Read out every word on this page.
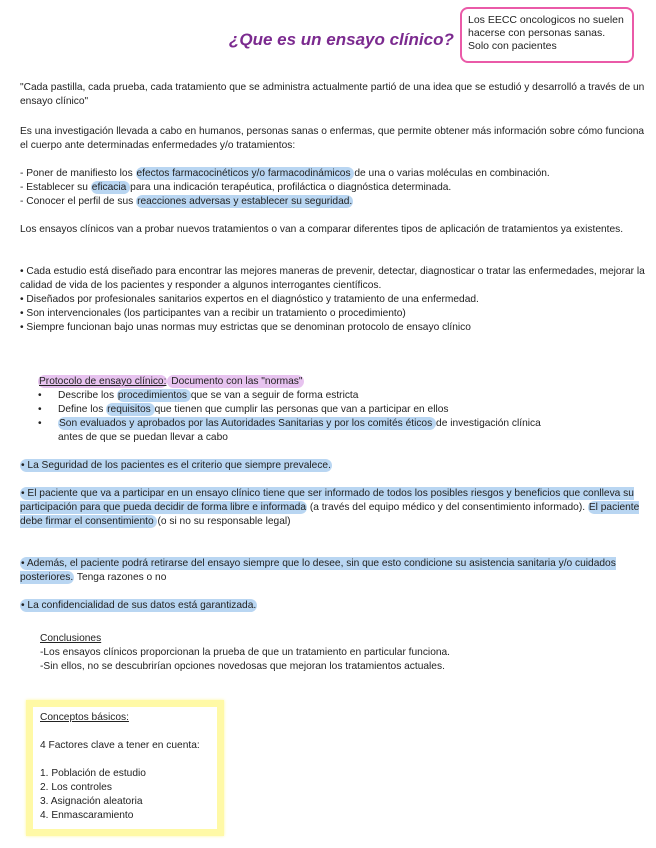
¿Que es un ensayo clínico?
Los EECC oncologicos no suelen hacerse con personas sanas. Solo con pacientes
"Cada pastilla, cada prueba, cada tratamiento que se administra actualmente partió de una idea que se estudió y desarrolló a través de un ensayo clínico"
Es una investigación llevada a cabo en humanos, personas sanas o enfermas, que permite obtener más información sobre cómo funciona el cuerpo ante determinadas enfermedades y/o tratamientos:
- Poner de manifiesto los efectos farmacocinéticos y/o farmacodinámicos de una o varias moléculas en combinación.
- Establecer su eficacia para una indicación terapéutica, profiláctica o diagnóstica determinada.
- Conocer el perfil de sus reacciones adversas y establecer su seguridad.
Los ensayos clínicos van a probar nuevos tratamientos o van a comparar diferentes tipos de aplicación de tratamientos ya existentes.
• Cada estudio está diseñado para encontrar las mejores maneras de prevenir, detectar, diagnosticar o tratar las enfermedades, mejorar la calidad de vida de los pacientes y responder a algunos interrogantes científicos.
• Diseñados por profesionales sanitarios expertos en el diagnóstico y tratamiento de una enfermedad.
• Son intervencionales (los participantes van a recibir un tratamiento o procedimiento)
• Siempre funcionan bajo unas normas muy estrictas que se denominan protocolo de ensayo clínico
Protocolo de ensayo clínico: Documento con las "normas"
• Describe los procedimientos que se van a seguir de forma estricta
• Define los requisitos que tienen que cumplir las personas que van a participar en ellos
• Son evaluados y aprobados por las Autoridades Sanitarias y por los comités éticos de investigación clínica
antes de que se puedan llevar a cabo
• La Seguridad de los pacientes es el criterio que siempre prevalece.
• El paciente que va a participar en un ensayo clínico tiene que ser informado de todos los posibles riesgos y beneficios que conlleva su participación para que pueda decidir de forma libre e informada (a través del equipo médico y del consentimiento informado). El paciente debe firmar el consentimiento (o si no su responsable legal)
• Además, el paciente podrá retirarse del ensayo siempre que lo desee, sin que esto condicione su asistencia sanitaria y/o cuidados posteriores. Tenga razones o no
• La confidencialidad de sus datos está garantizada.
Conclusiones
-Los ensayos clínicos proporcionan la prueba de que un tratamiento en particular funciona.
-Sin ellos, no se descubrirían opciones novedosas que mejoran los tratamientos actuales.
Conceptos básicos:
4 Factores clave a tener en cuenta:
1. Población de estudio
2. Los controles
3. Asignación aleatoria
4. Enmascaramiento
